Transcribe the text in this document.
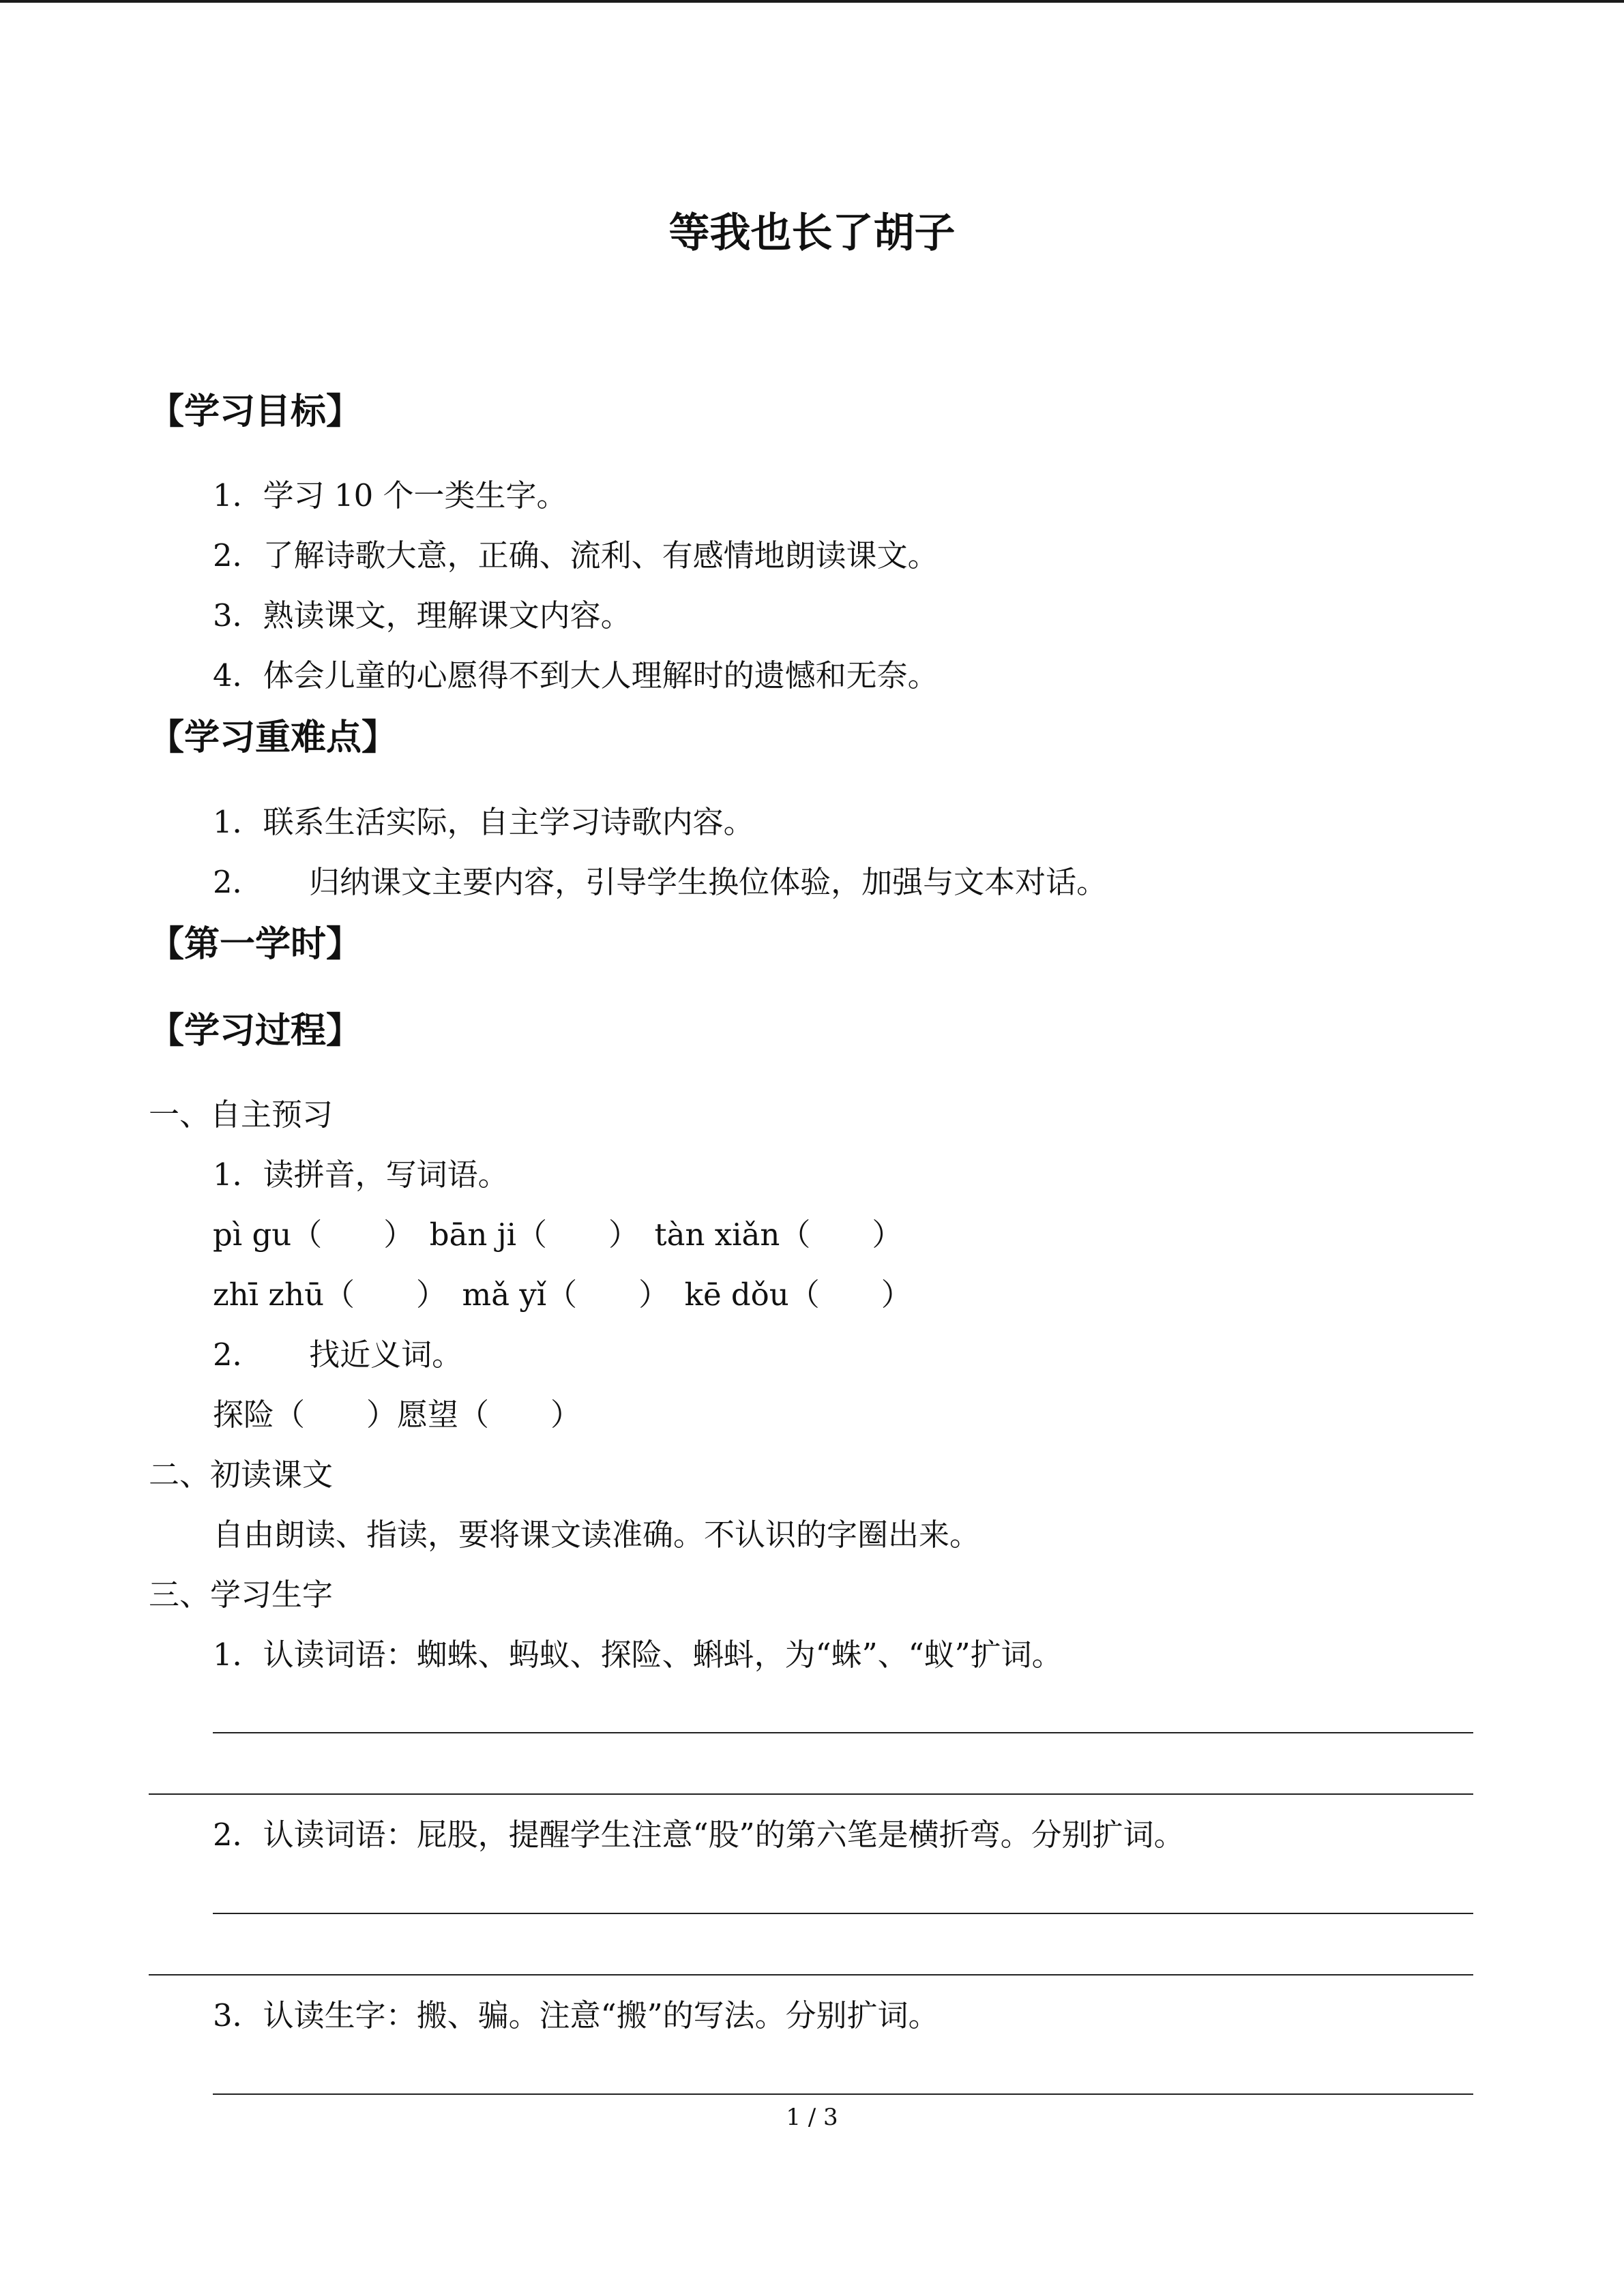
等我也长了胡子
【学习目标】
1．学习 10 个一类生字。
2．了解诗歌大意，正确、流利、有感情地朗读课文。
3．熟读课文，理解课文内容。
4．体会儿童的心愿得不到大人理解时的遗憾和无奈。
【学习重难点】
1．联系生活实际，自主学习诗歌内容。
2．　　归纳课文主要内容，引导学生换位体验，加强与文本对话。
【第一学时】
【学习过程】
一、自主预习
1．读拼音，写词语。
pì gu（　　）　bān ji（　　）　tàn xiǎn（　　）
zhī zhū（　　）　mǎ yǐ（　　）　kē dǒu（　　）
2．　　找近义词。
探险（　　）愿望（　　）
二、初读课文
自由朗读、指读，要将课文读准确。不认识的字圈出来。
三、学习生字
1．认读词语：蜘蛛、蚂蚁、探险、蝌蚪，为“蛛”、“蚁”扩词。
2．认读词语：屁股，提醒学生注意“股”的第六笔是横折弯。分别扩词。
3．认读生字：搬、骗。注意“搬”的写法。分别扩词。
1 / 3
